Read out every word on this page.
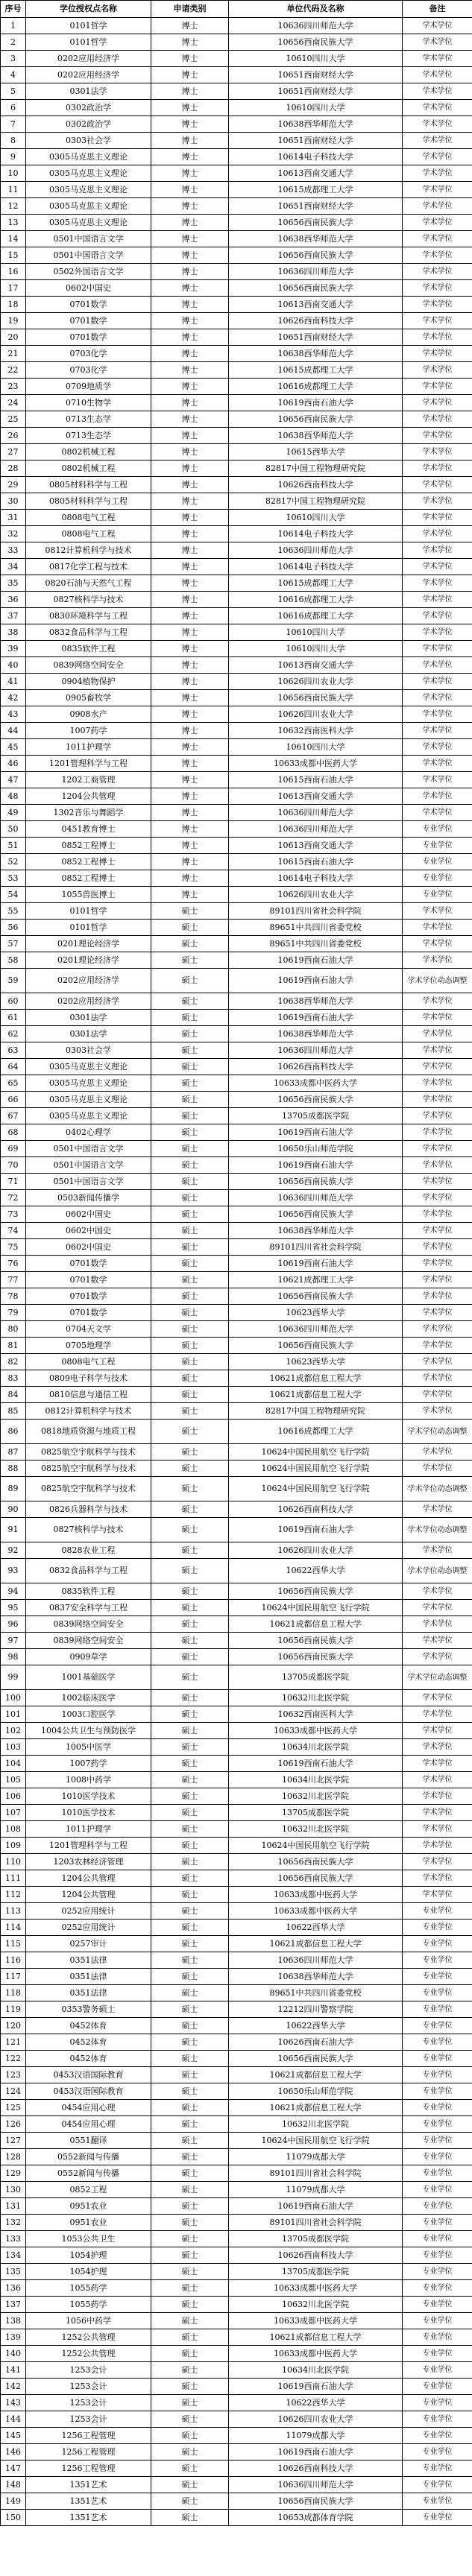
序号	学位授权点名称	申请类别	单位代码及名称	备注
1	0101哲学	博士	10636四川师范大学	学术学位
2	0101哲学	博士	10656西南民族大学	学术学位
3	0202应用经济学	博士	10610四川大学	学术学位
4	0202应用经济学	博士	10651西南财经大学	学术学位
5	0301法学	博士	10651西南财经大学	学术学位
6	0302政治学	博士	10610四川大学	学术学位
7	0302政治学	博士	10638西华师范大学	学术学位
8	0303社会学	博士	10651西南财经大学	学术学位
9	0305马克思主义理论	博士	10614电子科技大学	学术学位
10	0305马克思主义理论	博士	10613西南交通大学	学术学位
11	0305马克思主义理论	博士	10615成都理工大学	学术学位
12	0305马克思主义理论	博士	10651西南财经大学	学术学位
13	0305马克思主义理论	博士	10656西南民族大学	学术学位
14	0501中国语言文学	博士	10638西华师范大学	学术学位
15	0501中国语言文学	博士	10656西南民族大学	学术学位
16	0502外国语言文学	博士	10636四川师范大学	学术学位
17	0602中国史	博士	10656西南民族大学	学术学位
18	0701数学	博士	10613西南交通大学	学术学位
19	0701数学	博士	10626西南科技大学	学术学位
20	0701数学	博士	10651西南财经大学	学术学位
21	0703化学	博士	10638西华师范大学	学术学位
22	0703化学	博士	10615成都理工大学	学术学位
23	0709地质学	博士	10616成都理工大学	学术学位
24	0710生物学	博士	10619西南石油大学	学术学位
25	0713生态学	博士	10656西南民族大学	学术学位
26	0713生态学	博士	10638西华师范大学	学术学位
27	0802机械工程	博士	10615西华大学	学术学位
28	0802机械工程	博士	82817中国工程物理研究院	学术学位
29	0805材料科学与工程	博士	10626西南科技大学	学术学位
30	0805材料科学与工程	博士	82817中国工程物理研究院	学术学位
31	0808电气工程	博士	10610四川大学	学术学位
32	0808电气工程	博士	10614电子科技大学	学术学位
33	0812计算机科学与技术	博士	10636四川师范大学	学术学位
34	0817化学工程与技术	博士	10614电子科技大学	学术学位
35	0820石油与天然气工程	博士	10615成都理工大学	学术学位
36	0827核科学与技术	博士	10616成都理工大学	学术学位
37	0830环境科学与工程	博士	10616成都理工大学	学术学位
38	0832食品科学与工程	博士	10610四川大学	学术学位
39	0835软件工程	博士	10610四川大学	学术学位
40	0839网络空间安全	博士	10613西南交通大学	学术学位
41	0904植物保护	博士	10626四川农业大学	学术学位
42	0905畜牧学	博士	10656西南民族大学	学术学位
43	0908水产	博士	10626四川农业大学	学术学位
44	1007药学	博士	10632西南医科大学	学术学位
45	1011护理学	博士	10610四川大学	学术学位
46	1201管理科学与工程	博士	10633成都中医药大学	学术学位
47	1202工商管理	博士	10615西南石油大学	学术学位
48	1204公共管理	博士	10613西南交通大学	学术学位
49	1302音乐与舞蹈学	博士	10636四川师范大学	学术学位
50	0451教育博士	博士	10636四川师范大学	专业学位
51	0852工程博士	博士	10613西南交通大学	专业学位
52	0852工程博士	博士	10615西南石油大学	专业学位
53	0852工程博士	博士	10614电子科技大学	专业学位
54	1055兽医博士	博士	10626四川农业大学	专业学位
55	0101哲学	硕士	89101四川省社会科学院	学术学位
56	0101哲学	硕士	89651中共四川省委党校	学术学位
57	0201理论经济学	硕士	89651中共四川省委党校	学术学位
58	0201理论经济学	硕士	10619西南石油大学	学术学位
59	0202应用经济学	硕士	10619西南石油大学	学术学位动态调整
60	0202应用经济学	硕士	10638西华师范大学	学术学位
61	0301法学	硕士	10619西南石油大学	学术学位
62	0301法学	硕士	10638西华师范大学	学术学位
63	0303社会学	硕士	10636四川师范大学	学术学位
64	0305马克思主义理论	硕士	10626西南科技大学	学术学位
65	0305马克思主义理论	硕士	10633成都中医药大学	学术学位
66	0305马克思主义理论	硕士	10656西南民族大学	学术学位
67	0305马克思主义理论	硕士	13705成都医学院	学术学位
68	0402心理学	硕士	10619西南石油大学	学术学位
69	0501中国语言文学	硕士	10650乐山师范学院	学术学位
70	0501中国语言文学	硕士	10619西南石油大学	学术学位
71	0501中国语言文学	硕士	10656西南民族大学	学术学位
72	0503新闻传播学	硕士	10636四川师范大学	学术学位
73	0602中国史	硕士	10656西南民族大学	学术学位
74	0602中国史	硕士	10638西华师范大学	学术学位
75	0602中国史	硕士	89101四川省社会科学院	学术学位
76	0701数学	硕士	10619西南石油大学	学术学位
77	0701数学	硕士	10621成都理工大学	学术学位
78	0701数学	硕士	10656西南民族大学	学术学位
79	0701数学	硕士	10623西华大学	学术学位
80	0704天文学	硕士	10636四川师范大学	学术学位
81	0705地理学	硕士	10656西南民族大学	学术学位
82	0808电气工程	硕士	10623西华大学	学术学位
83	0809电子科学与技术	硕士	10621成都信息工程大学	学术学位
84	0810信息与通信工程	硕士	10621成都信息工程大学	学术学位
85	0812计算机科学与技术	硕士	82817中国工程物理研究院	学术学位
86	0818地质资源与地质工程	硕士	10616成都理工大学	学术学位动态调整
87	0825航空宇航科学与技术	硕士	10624中国民用航空飞行学院	学术学位
88	0825航空宇航科学与技术	硕士	10624中国民用航空飞行学院	学术学位
89	0825航空宇航科学与技术	硕士	10624中国民用航空飞行学院	学术学位动态调整
90	0826兵器科学与技术	硕士	10626西南科技大学	学术学位
91	0827核科学与技术	硕士	10619西南石油大学	学术学位动态调整
92	0828农业工程	硕士	10626四川农业大学	学术学位
93	0832食品科学与工程	硕士	10622西华大学	学术学位动态调整
94	0835软件工程	硕士	10656西南民族大学	学术学位
95	0837安全科学与工程	硕士	10624中国民用航空飞行学院	学术学位
96	0839网络空间安全	硕士	10621成都信息工程大学	学术学位
97	0839网络空间安全	硕士	10656西南民族大学	学术学位
98	0909草学	硕士	10656西南民族大学	学术学位
99	1001基础医学	硕士	13705成都医学院	学术学位动态调整
100	1002临床医学	硕士	10632川北医学院	学术学位
101	1003口腔医学	硕士	10632西南医科大学	学术学位
102	1004公共卫生与预防医学	硕士	10633成都中医药大学	学术学位
103	1005中医学	硕士	10634川北医学院	学术学位
104	1007药学	硕士	10619西南石油大学	学术学位
105	1008中药学	硕士	10634川北医学院	学术学位
106	1010医学技术	硕士	10632川北医学院	学术学位
107	1010医学技术	硕士	13705成都医学院	学术学位
108	1011护理学	硕士	10632川北医学院	学术学位
109	1201管理科学与工程	硕士	10624中国民用航空飞行学院	学术学位
110	1203农林经济管理	硕士	10656西南民族大学	学术学位
111	1204公共管理	硕士	10656西南民族大学	学术学位
112	1204公共管理	硕士	10633成都中医药大学	学术学位
113	0252应用统计	硕士	10633成都中医药大学	专业学位
114	0252应用统计	硕士	10622西华大学	专业学位
115	0257审计	硕士	10621成都信息工程大学	专业学位
116	0351法律	硕士	10636四川师范大学	专业学位
117	0351法律	硕士	10638西华师范大学	专业学位
118	0351法律	硕士	89651中共四川省委党校	专业学位
119	0353警务硕士	硕士	12212四川警察学院	专业学位
120	0452体育	硕士	10622西华大学	专业学位
121	0452体育	硕士	10626西南石油大学	专业学位
122	0452体育	硕士	10656西南民族大学	专业学位
123	0453汉语国际教育	硕士	10621成都信息工程大学	专业学位
124	0453汉语国际教育	硕士	10650乐山师范学院	专业学位
125	0454应用心理	硕士	10621成都信息工程大学	专业学位
126	0454应用心理	硕士	10632川北医学院	专业学位
127	0551翻译	硕士	10624中国民用航空飞行学院	专业学位
128	0552新闻与传播	硕士	11079成都大学	专业学位
129	0552新闻与传播	硕士	89101四川省社会科学院	专业学位
130	0852工程	硕士	11079成都大学	专业学位
131	0951农业	硕士	10619西南石油大学	专业学位
132	0951农业	硕士	89101四川省社会科学院	专业学位
133	1053公共卫生	硕士	13705成都医学院	专业学位
134	1054护理	硕士	10626西南科技大学	专业学位
135	1054护理	硕士	13705成都医学院	专业学位
136	1055药学	硕士	10633成都中医药大学	专业学位
137	1055药学	硕士	10632川北医学院	专业学位
138	1056中药学	硕士	10633成都中医药大学	专业学位
139	1252公共管理	硕士	10621成都信息工程大学	专业学位
140	1252公共管理	硕士	10633成都中医药大学	专业学位
141	1253会计	硕士	10634川北医学院	专业学位
142	1253会计	硕士	10619西南石油大学	专业学位
143	1253会计	硕士	10622西华大学	专业学位
144	1253会计	硕士	10626四川农业大学	专业学位
145	1256工程管理	硕士	11079成都大学	专业学位
146	1256工程管理	硕士	10619西南石油大学	专业学位
147	1256工程管理	硕士	10626西南科技大学	专业学位
148	1351艺术	硕士	10636四川师范大学	专业学位
149	1351艺术	硕士	10656西南民族大学	专业学位
150	1351艺术	硕士	10653成都体育学院	专业学位
